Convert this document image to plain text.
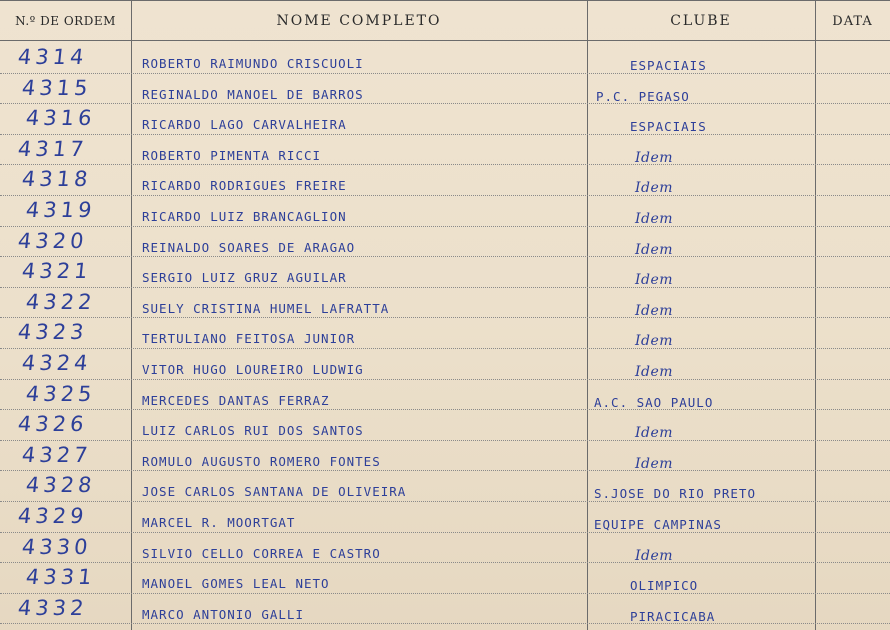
N.º DE ORDEM	NOME COMPLETO	CLUBE	DATA
4314	ROBERTO RAIMUNDO CRISCUOLI	ESPACIAIS
4315	REGINALDO MANOEL DE BARROS	P.C. PEGASO
4316	RICARDO LAGO CARVALHEIRA	ESPACIAIS
4317	ROBERTO PIMENTA RICCI	Idem
4318	RICARDO RODRIGUES FREIRE	Idem
4319	RICARDO LUIZ BRANCAGLION	Idem
4320	REINALDO SOARES DE ARAGAO	Idem
4321	SERGIO LUIZ GRUZ AGUILAR	Idem
4322	SUELY CRISTINA HUMEL LAFRATTA	Idem
4323	TERTULIANO FEITOSA JUNIOR	Idem
4324	VITOR HUGO LOUREIRO LUDWIG	Idem
4325	MERCEDES DANTAS FERRAZ	A.C. SAO PAULO
4326	LUIZ CARLOS RUI DOS SANTOS	Idem
4327	ROMULO AUGUSTO ROMERO FONTES	Idem
4328	JOSE CARLOS SANTANA DE OLIVEIRA	S.JOSE DO RIO PRETO
4329	MARCEL R. MOORTGAT	EQUIPE CAMPINAS
4330	SILVIO CELLO CORREA E CASTRO	Idem
4331	MANOEL GOMES LEAL NETO	OLIMPICO
4332	MARCO ANTONIO GALLI	PIRACICABA
